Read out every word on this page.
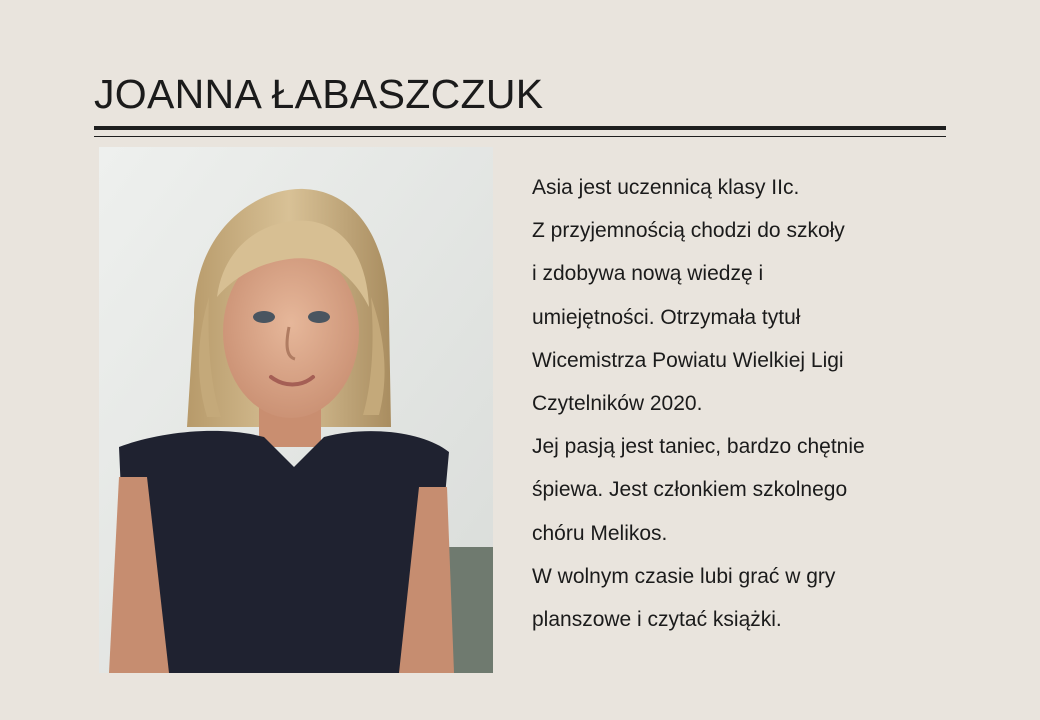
JOANNA ŁABASZCZUK
Asia jest uczennicą klasy IIc.
Z przyjemnością chodzi do szkoły
i zdobywa nową wiedzę i
umiejętności. Otrzymała tytuł
Wicemistrza Powiatu Wielkiej Ligi
Czytelników 2020.
Jej pasją jest taniec, bardzo chętnie
śpiewa. Jest członkiem szkolnego
chóru Melikos.
W wolnym czasie lubi grać w gry
planszowe i czytać książki.
